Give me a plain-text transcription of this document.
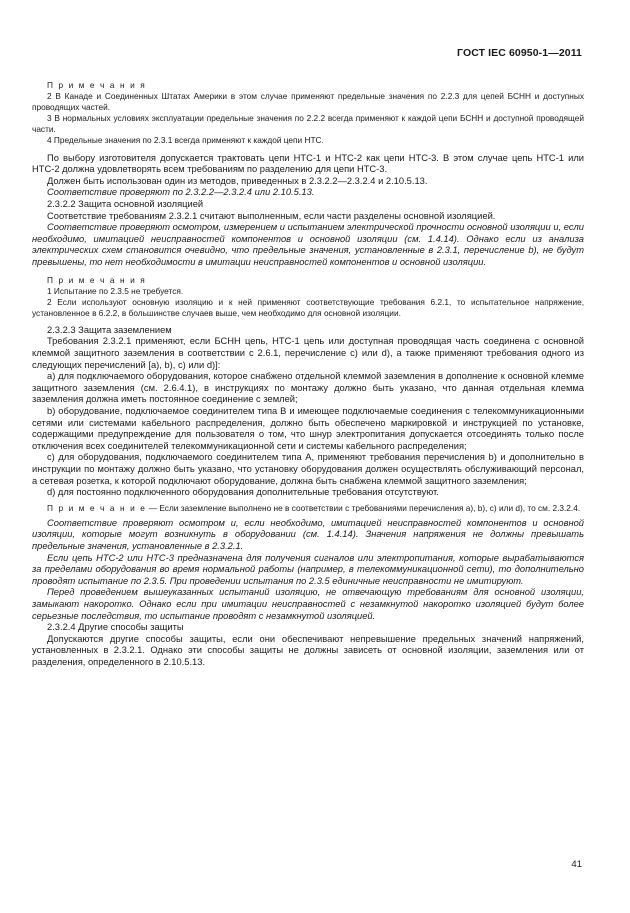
ГОСТ IEC 60950-1—2011

П р и м е ч а н и я

2 В Канаде и Соединенных Штатах Америки в этом случае применяют предельные значения по 2.2.3 для цепей БСНН и доступных проводящих частей.

3 В нормальных условиях эксплуатации предельные значения по 2.2.2 всегда применяют к каждой цепи БСНН и доступной проводящей части.

4 Предельные значения по 2.3.1 всегда применяют к каждой цепи НТС.

По выбору изготовителя допускается трактовать цепи НТС-1 и НТС-2 как цепи НТС-3. В этом случае цепь НТС-1 или НТС-2 должна удовлетворять всем требованиям по разделению для цепи НТС-3.

Должен быть использован один из методов, приведенных в 2.3.2.2—2.3.2.4 и 2.10.5.13.

Соответствие проверяют по 2.3.2.2—2.3.2.4 или 2.10.5.13.

2.3.2.2 Защита основной изоляцией

Соответствие требованиям 2.3.2.1 считают выполненным, если части разделены основной изоляцией.

Соответствие проверяют осмотром, измерением и испытанием электрической прочности основной изоляции и, если необходимо, имитацией неисправностей компонентов и основной изоляции (см. 1.4.14). Однако если из анализа электрических схем становится очевидно, что предельные значения, установленные в 2.3.1, перечисление b), не будут превышены, то нет необходимости в имитации неисправностей компонентов и основной изоляции.

П р и м е ч а н и я

1 Испытание по 2.3.5 не требуется.

2 Если используют основную изоляцию и к ней применяют соответствующие требования 6.2.1, то испытательное напряжение, установленное в 6.2.2, в большинстве случаев выше, чем необходимо для основной изоляции.

2.3.2.3 Защита заземлением

Требования 2.3.2.1 применяют, если БСНН цепь, НТС-1 цепь или доступная проводящая часть соединена с основной клеммой защитного заземления в соответствии с 2.6.1, перечисление с) или d), а также применяют требования одного из следующих перечислений [а), b), с) или d)]:

а) для подключаемого оборудования, которое снабжено отдельной клеммой заземления в дополнение к основной клемме защитного заземления (см. 2.6.4.1), в инструкциях по монтажу должно быть указано, что данная отдельная клемма заземления должна иметь постоянное соединение с землей;

b) оборудование, подключаемое соединителем типа В и имеющее подключаемые соединения с телекоммуникационными сетями или системами кабельного распределения, должно быть обеспечено маркировкой и инструкцией по установке, содержащими предупреждение для пользователя о том, что шнур электропитания допускается отсоединять только после отключения всех соединителей телекоммуникационной сети и системы кабельного распределения;

с) для оборудования, подключаемого соединителем типа А, применяют требования перечисления b) и дополнительно в инструкции по монтажу должно быть указано, что установку оборудования должен осуществлять обслуживающий персонал, а сетевая розетка, к которой подключают оборудование, должна быть снабжена клеммой защитного заземления;

d) для постоянно подключенного оборудования дополнительные требования отсутствуют.

П р и м е ч а н и е — Если заземление выполнено не в соответствии с требованиями перечисления а), b), с) или d), то см. 2.3.2.4.

Соответствие проверяют осмотром и, если необходимо, имитацией неисправностей компонентов и основной изоляции, которые могут возникнуть в оборудовании (см. 1.4.14). Значения напряжения не должны превышать предельные значения, установленные в 2.3.2.1.

Если цепь НТС-2 или НТС-3 предназначена для получения сигналов или электропитания, которые вырабатываются за пределами оборудования во время нормальной работы (например, в телекоммуникационной сети), то дополнительно проводят испытание по 2.3.5. При проведении испытания по 2.3.5 единичные неисправности не имитируют.

Перед проведением вышеуказанных испытаний изоляцию, не отвечающую требованиям для основной изоляции, замыкают накоротко. Однако если при имитации неисправностей с незамкнутой накоротко изоляцией будут более серьезные последствия, то испытание проводят с незамкнутой изоляцией.

2.3.2.4 Другие способы защиты

Допускаются другие способы защиты, если они обеспечивают непревышение предельных значений напряжений, установленных в 2.3.2.1. Однако эти способы защиты не должны зависеть от основной изоляции, заземления или от разделения, определенного в 2.10.5.13.

41
